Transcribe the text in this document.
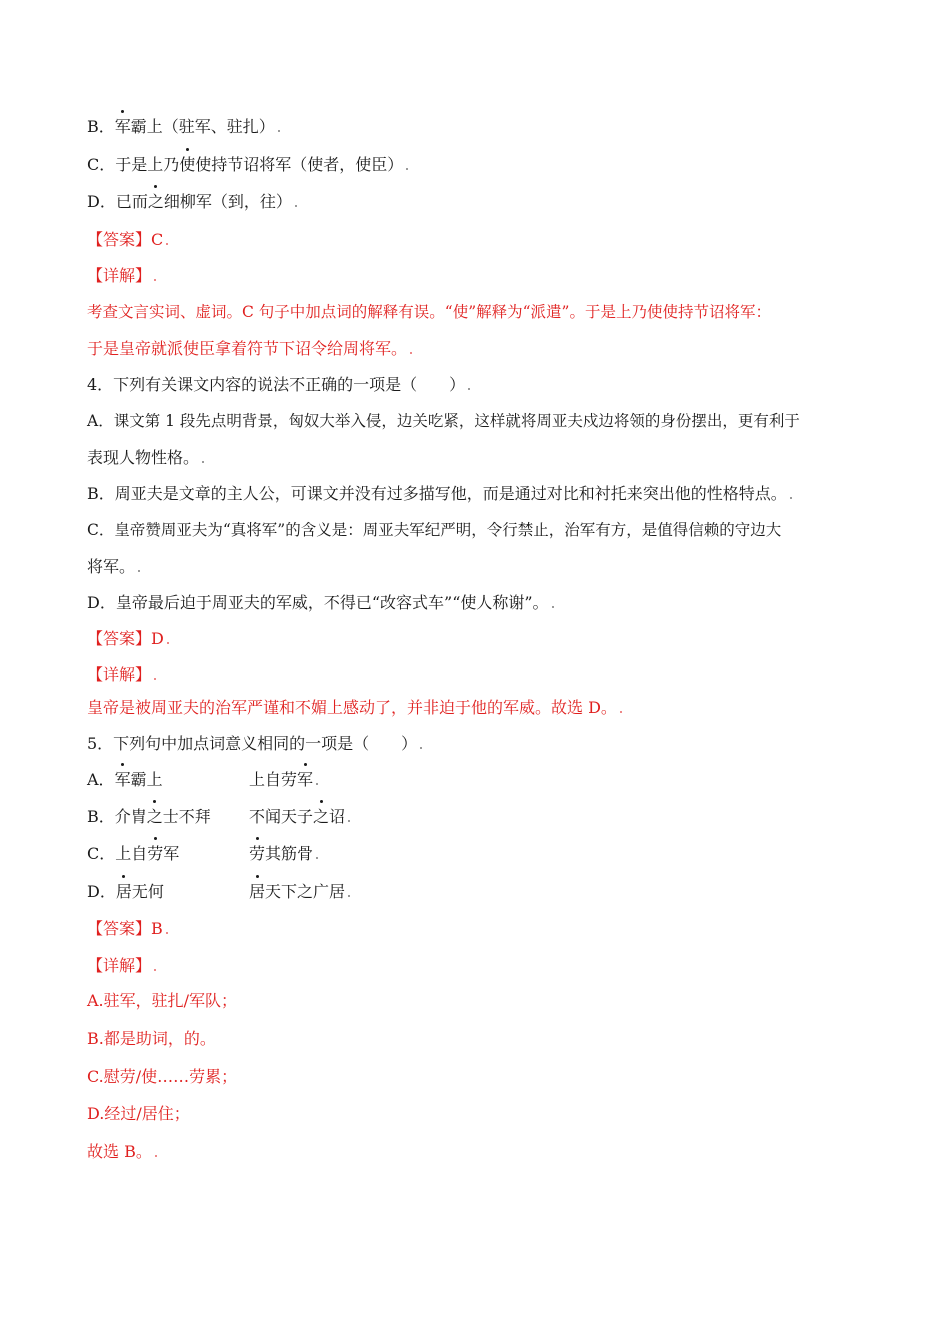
B．军霸上（驻军、驻扎）
C．于是上乃使使持节诏将军（使者，使臣）
D．已而之细柳军（到，往）
【答案】C
【详解】
考查文言实词、虚词。C 句子中加点词的解释有误。“使”解释为“派遣”。于是上乃使使持节诏将军：
于是皇帝就派使臣拿着符节下诏令给周将军。
4．下列有关课文内容的说法不正确的一项是（　　）
A．课文第 1 段先点明背景，匈奴大举入侵，边关吃紧，这样就将周亚夫戍边将领的身份摆出，更有利于
表现人物性格。
B．周亚夫是文章的主人公，可课文并没有过多描写他，而是通过对比和衬托来突出他的性格特点。
C．皇帝赞周亚夫为“真将军”的含义是：周亚夫军纪严明，令行禁止，治军有方，是值得信赖的守边大
将军。
D．皇帝最后迫于周亚夫的军威，不得已“改容式车”“使人称谢”。
【答案】D
【详解】
皇帝是被周亚夫的治军严谨和不媚上感动了，并非迫于他的军威。故选 D。
5．下列句中加点词意义相同的一项是（　　）
A．军霸上	上自劳军
B．介胄之士不拜 不闻天子之诏
C．上自劳军	劳其筋骨
D．居无何	居天下之广居
【答案】B
【详解】
A.驻军，驻扎/军队；
B.都是助词，的。
C.慰劳/使……劳累；
D.经过/居住；
故选 B。
